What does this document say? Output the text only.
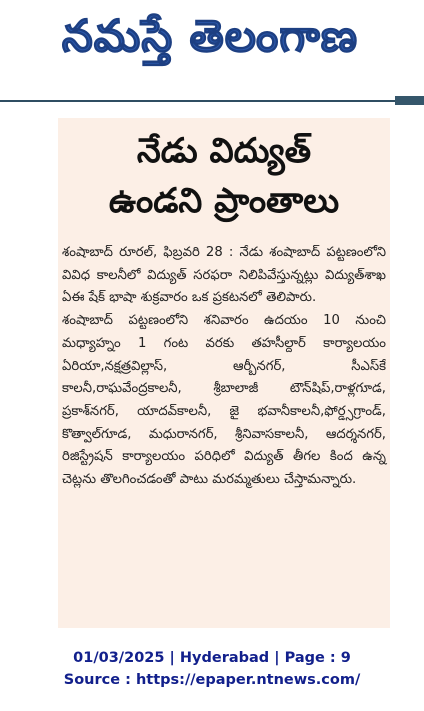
నమస్తే తెలంగాణ
నేడు విద్యుత్
ఉండని ప్రాంతాలు

శంషాబాద్ రూరల్, ఫిబ్రవరి 28 : నేడు శంషాబాద్ పట్టణంలోని వివిధ కాలనీలో విద్యుత్ సరఫరా నిలిపివేస్తున్నట్లు విద్యుత్‌శాఖ ఏఈ షేక్ భాషా శుక్రవారం ఒక ప్రకటనలో తెలిపారు.

శంషాబాద్ పట్టణంలోని శనివారం ఉదయం 10 నుంచి మధ్యాహ్నం 1 గంట వరకు తహసీల్దార్ కార్యాలయం ఏరియా,నక్షత్రవిల్లాస్, ఆర్బీనగర్, సీఎస్‌కే కాలనీ,రాఘవేంద్రకాలనీ, శ్రీబాలాజీ టౌన్‌షిప్,రాళ్లగూడ, ప్రకాశ్‌నగర్, యాదవ్‌కాలనీ, జై భవానీకాలనీ,ఫోర్డ్సగ్రాండ్, కొత్వాల్‌గూడ, మధురానగర్, శ్రీనివాసకాలనీ, ఆదర్శనగర్, రిజిస్ట్రేషన్ కార్యాలయం పరిధిలో విద్యుత్ తీగల కింద ఉన్న చెట్లను తొలగించడంతో పాటు మరమ్మతులు చేస్తామన్నారు.

01/03/2025 | Hyderabad | Page : 9
Source : https://epaper.ntnews.com/
